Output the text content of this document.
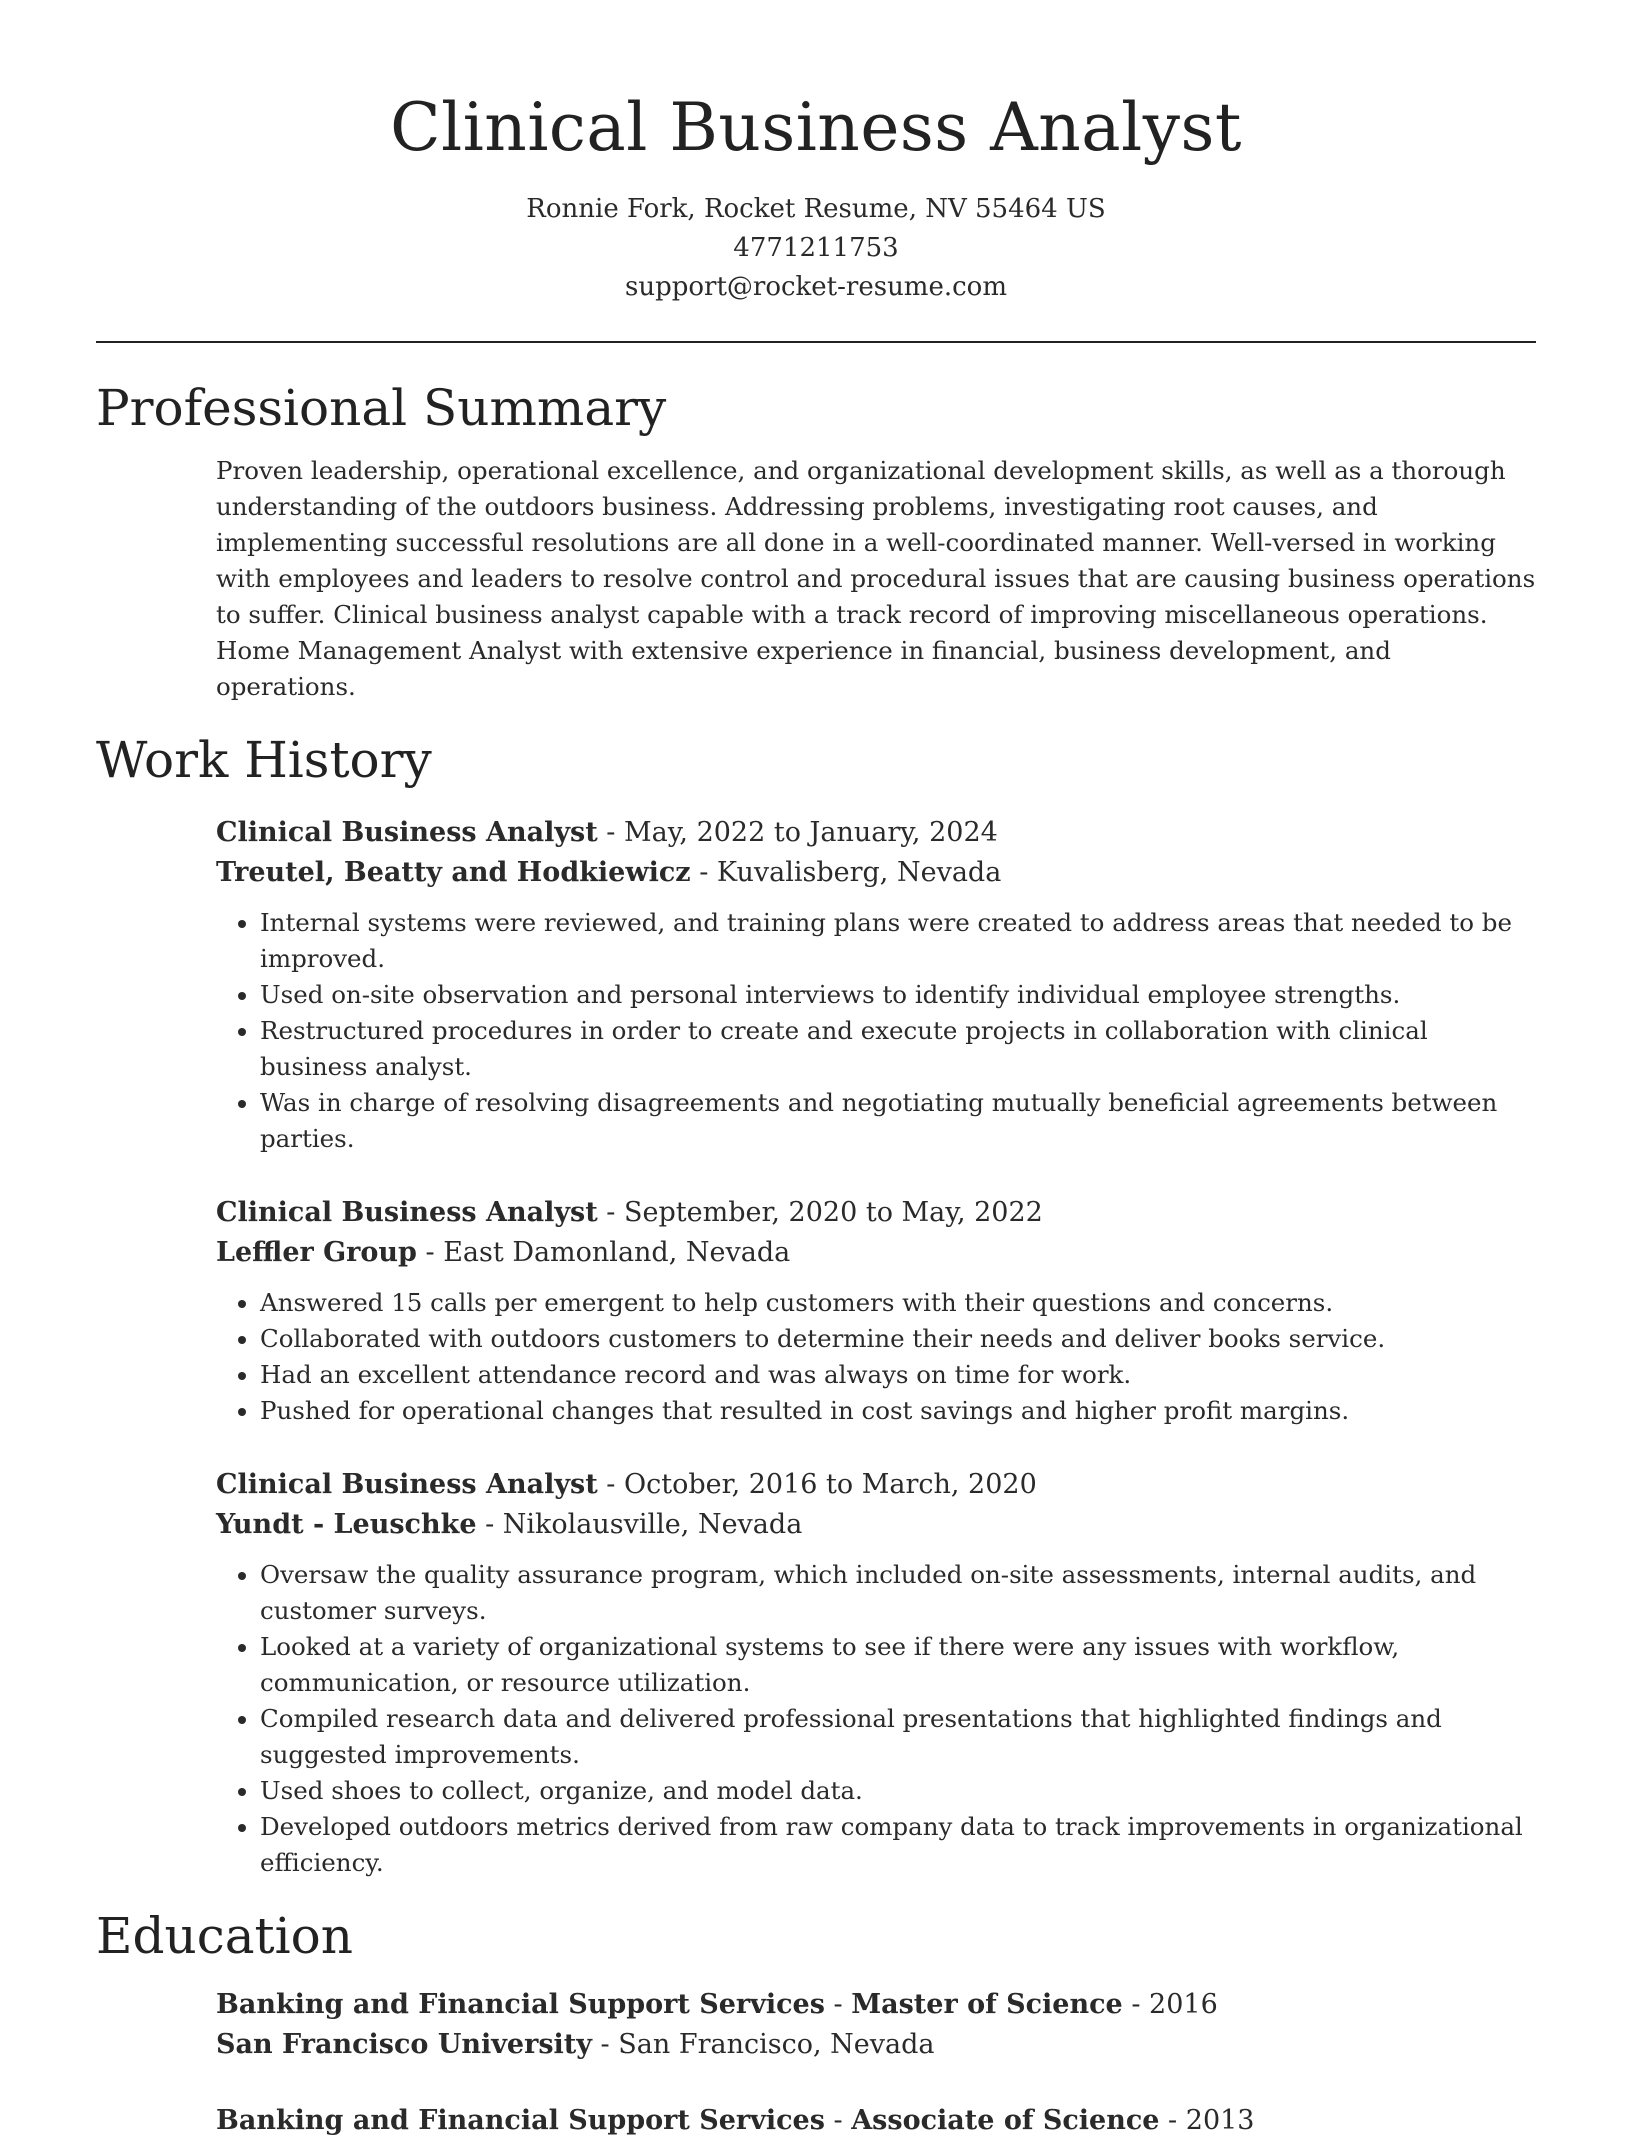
Clinical Business Analyst
Ronnie Fork, Rocket Resume, NV 55464 US
4771211753
support@rocket-resume.com
Professional Summary
Proven leadership, operational excellence, and organizational development skills, as well as a thorough understanding of the outdoors business. Addressing problems, investigating root causes, and implementing successful resolutions are all done in a well-coordinated manner. Well-versed in working with employees and leaders to resolve control and procedural issues that are causing business operations to suffer. Clinical business analyst capable with a track record of improving miscellaneous operations. Home Management Analyst with extensive experience in financial, business development, and operations.
Work History
Clinical Business Analyst - May, 2022 to January, 2024
Treutel, Beatty and Hodkiewicz - Kuvalisberg, Nevada
• Internal systems were reviewed, and training plans were created to address areas that needed to be improved.
• Used on-site observation and personal interviews to identify individual employee strengths.
• Restructured procedures in order to create and execute projects in collaboration with clinical business analyst.
• Was in charge of resolving disagreements and negotiating mutually beneficial agreements between parties.
Clinical Business Analyst - September, 2020 to May, 2022
Leffler Group - East Damonland, Nevada
• Answered 15 calls per emergent to help customers with their questions and concerns.
• Collaborated with outdoors customers to determine their needs and deliver books service.
• Had an excellent attendance record and was always on time for work.
• Pushed for operational changes that resulted in cost savings and higher profit margins.
Clinical Business Analyst - October, 2016 to March, 2020
Yundt - Leuschke - Nikolausville, Nevada
• Oversaw the quality assurance program, which included on-site assessments, internal audits, and customer surveys.
• Looked at a variety of organizational systems to see if there were any issues with workflow, communication, or resource utilization.
• Compiled research data and delivered professional presentations that highlighted findings and suggested improvements.
• Used shoes to collect, organize, and model data.
• Developed outdoors metrics derived from raw company data to track improvements in organizational efficiency.
Education
Banking and Financial Support Services - Master of Science - 2016
San Francisco University - San Francisco, Nevada
Banking and Financial Support Services - Associate of Science - 2013
